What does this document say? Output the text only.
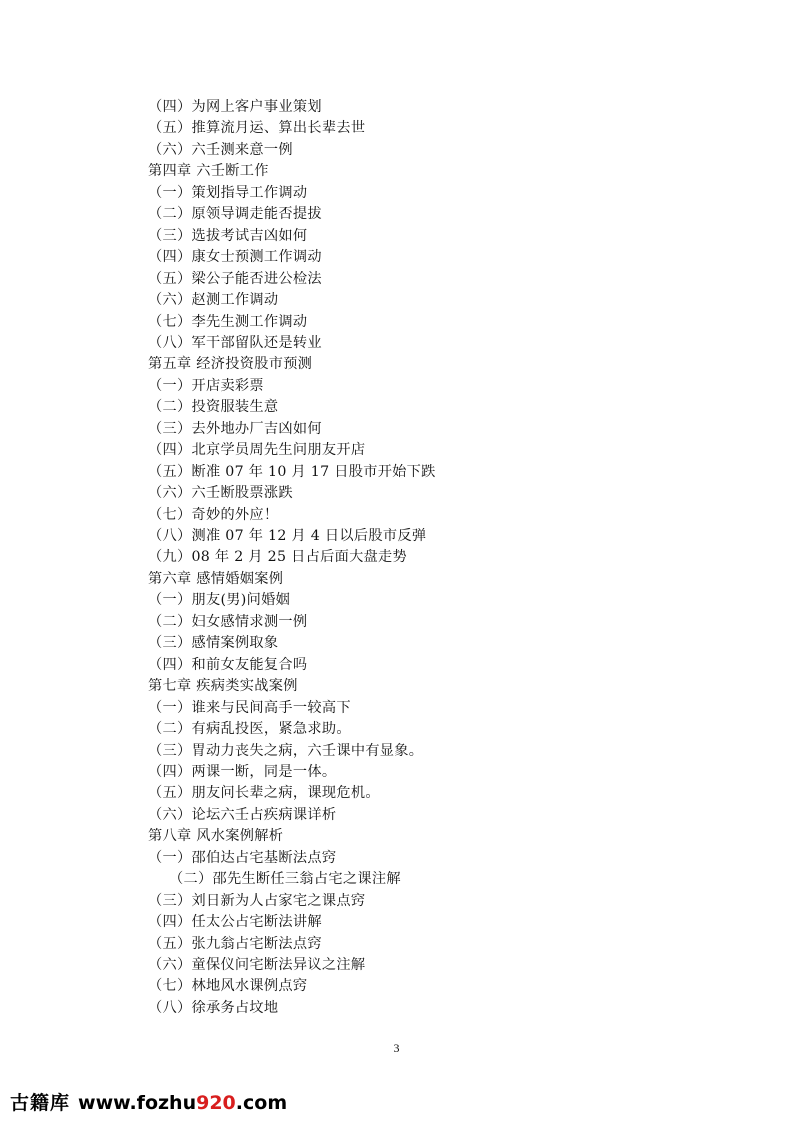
（四）为网上客户事业策划
（五）推算流月运、算出长辈去世
（六）六壬测来意一例
第四章 六壬断工作
（一）策划指导工作调动
（二）原领导调走能否提拔
（三）选拔考试吉凶如何
（四）康女士预测工作调动
（五）梁公子能否进公检法
（六）赵测工作调动
（七）李先生测工作调动
（八）军干部留队还是转业
第五章 经济投资股市预测
（一）开店卖彩票
（二）投资服装生意
（三）去外地办厂吉凶如何
（四）北京学员周先生问朋友开店
（五）断准 07 年 10 月 17 日股市开始下跌
（六）六壬断股票涨跌
（七）奇妙的外应！
（八）测准 07 年 12 月 4 日以后股市反弹
（九）08 年 2 月 25 日占后面大盘走势
第六章 感情婚姻案例
（一）朋友(男)问婚姻
（二）妇女感情求测一例
（三）感情案例取象
（四）和前女友能复合吗
第七章 疾病类实战案例
（一）谁来与民间高手一较高下
（二）有病乱投医，紧急求助。
（三）胃动力丧失之病，六壬课中有显象。
（四）两课一断，同是一体。
（五）朋友问长辈之病，课现危机。
（六）论坛六壬占疾病课详析
第八章 风水案例解析
（一）邵伯达占宅基断法点窍
（二）邵先生断任三翁占宅之课注解
（三）刘日新为人占家宅之课点窍
（四）任太公占宅断法讲解
（五）张九翁占宅断法点窍
（六）童保仪问宅断法异议之注解
（七）林地风水课例点窍
（八）徐承务占坟地
3
古籍库 www.fozhu920.com
